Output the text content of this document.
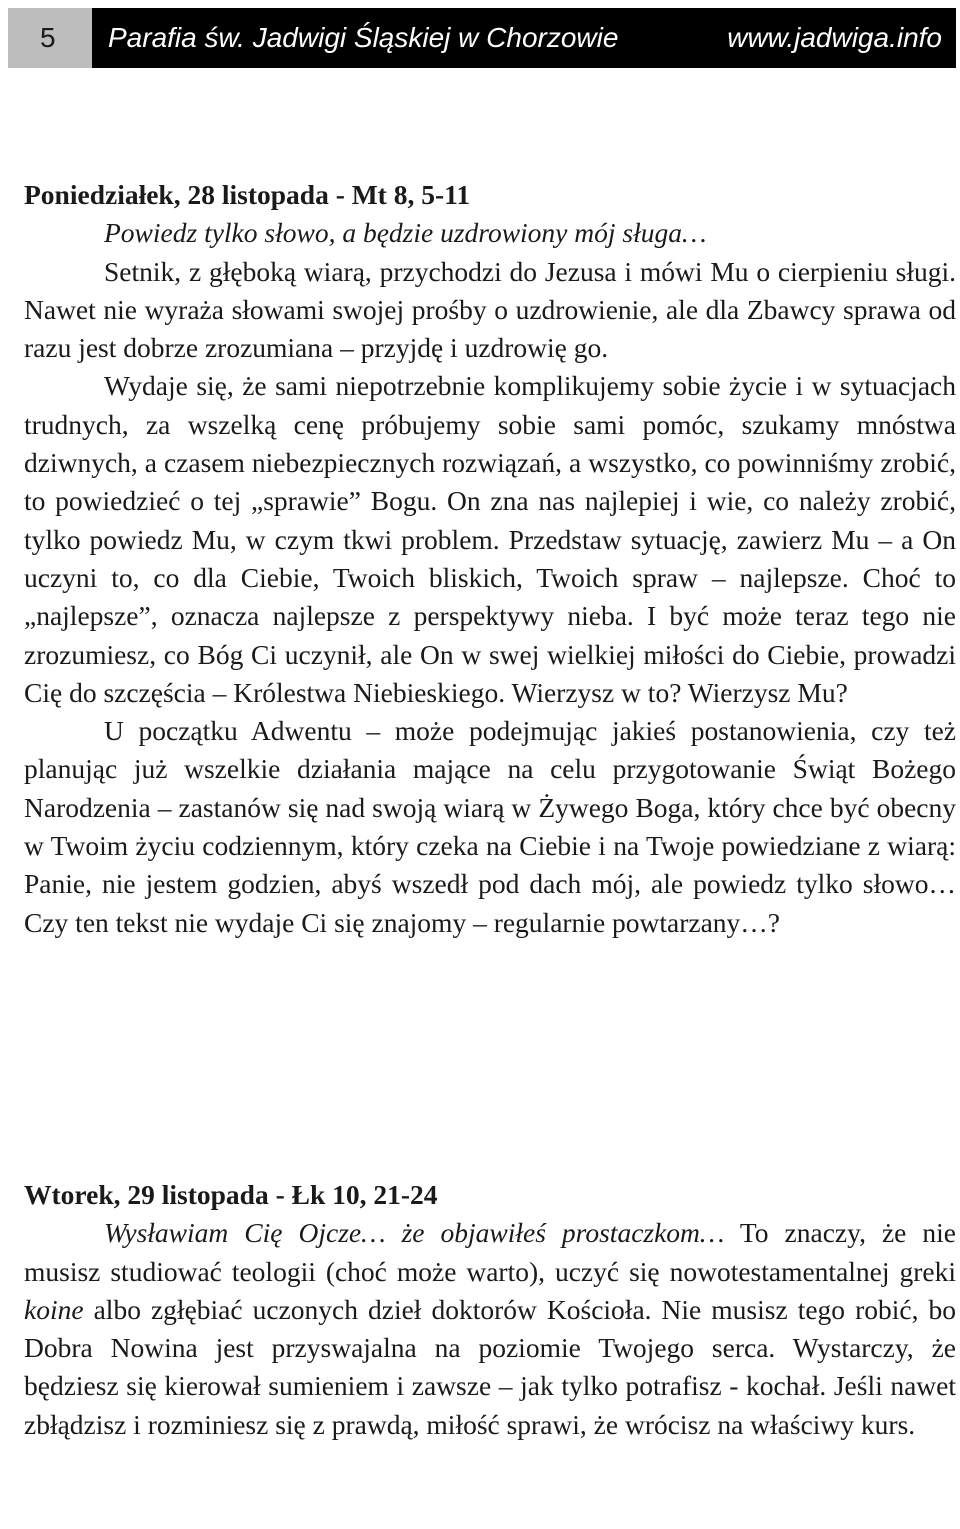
5	Parafia św. Jadwigi Śląskiej w Chorzowie	www.jadwiga.info
Poniedziałek, 28 listopada - Mt 8, 5-11

Powiedz tylko słowo, a będzie uzdrowiony mój sługa…

Setnik, z głęboką wiarą, przychodzi do Jezusa i mówi Mu o cierpieniu sługi. Nawet nie wyraża słowami swojej prośby o uzdrowienie, ale dla Zbawcy sprawa od razu jest dobrze zrozumiana – przyjdę i uzdrowię go.

Wydaje się, że sami niepotrzebnie komplikujemy sobie życie i w sytuacjach trudnych, za wszelką cenę próbujemy sobie sami pomóc, szukamy mnóstwa dziwnych, a czasem niebezpiecznych rozwiązań, a wszystko, co powinniśmy zrobić, to powiedzieć o tej „sprawie” Bogu. On zna nas najlepiej i wie, co należy zrobić, tylko powiedz Mu, w czym tkwi problem. Przedstaw sytuację, zawierz Mu – a On uczyni to, co dla Ciebie, Twoich bliskich, Twoich spraw – najlepsze. Choć to „najlepsze”, oznacza najlepsze z perspektywy nieba. I być może teraz tego nie zrozumiesz, co Bóg Ci uczynił, ale On w swej wielkiej miłości do Ciebie, prowadzi Cię do szczęścia – Królestwa Niebieskiego. Wierzysz w to? Wierzysz Mu?

U początku Adwentu – może podejmując jakieś postanowienia, czy też planując już wszelkie działania mające na celu przygotowanie Świąt Bożego Narodzenia – zastanów się nad swoją wiarą w Żywego Boga, który chce być obecny w Twoim życiu codziennym, który czeka na Ciebie i na Twoje powiedziane z wiarą: Panie, nie jestem godzien, abyś wszedł pod dach mój, ale powiedz tylko słowo… Czy ten tekst nie wydaje Ci się znajomy – regularnie powtarzany…?

Wtorek, 29 listopada - Łk 10, 21-24

Wysławiam Cię Ojcze… że objawiłeś prostaczkom… To znaczy, że nie musisz studiować teologii (choć może warto), uczyć się nowotestamentalnej greki koine albo zgłębiać uczonych dzieł doktorów Kościoła. Nie musisz tego robić, bo Dobra Nowina jest przyswajalna na poziomie Twojego serca. Wystarczy, że będziesz się kierował sumieniem i zawsze – jak tylko potrafisz - kochał. Jeśli nawet zbłądzisz i rozminiesz się z prawdą, miłość sprawi, że wrócisz na właściwy kurs.
